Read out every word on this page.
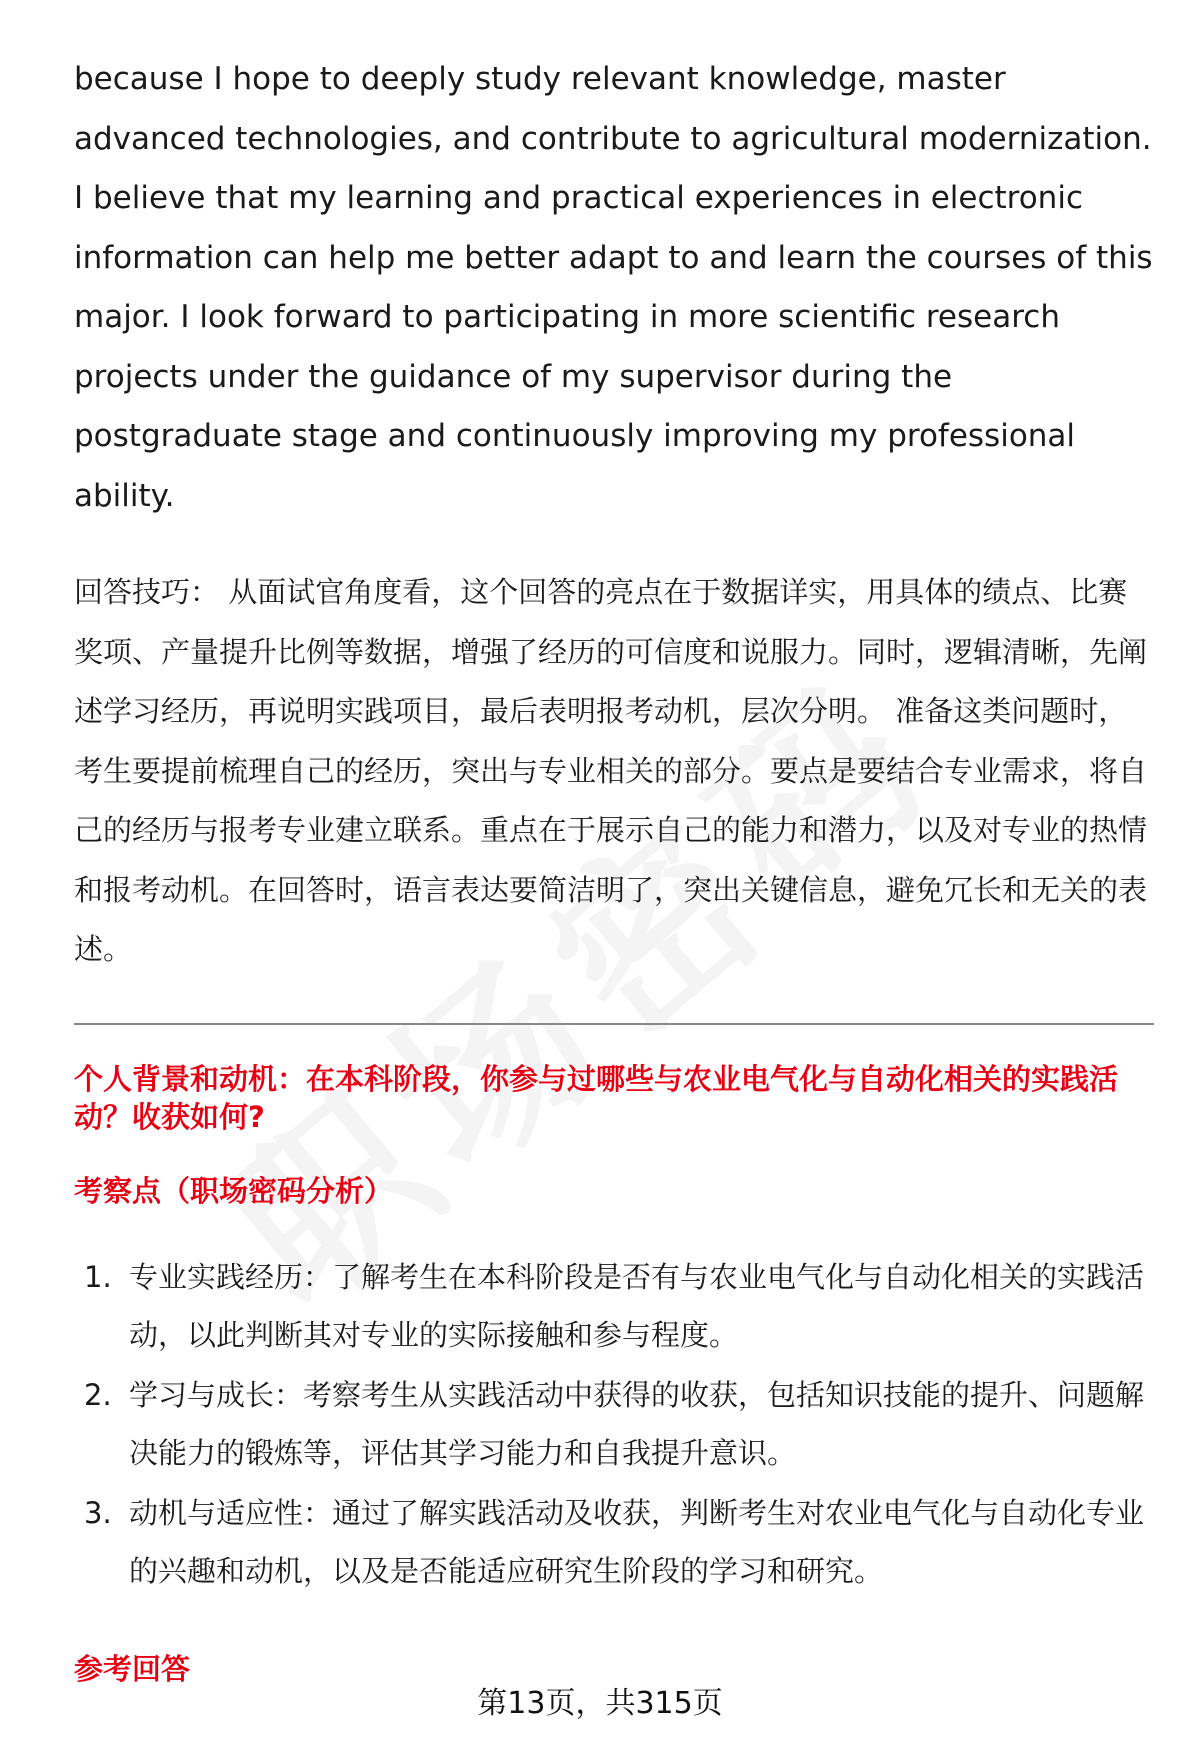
because I hope to deeply study relevant knowledge, master advanced technologies, and contribute to agricultural modernization. I believe that my learning and practical experiences in electronic information can help me better adapt to and learn the courses of this major. I look forward to participating in more scientific research projects under the guidance of my supervisor during the postgraduate stage and continuously improving my professional ability.

回答技巧： 从面试官角度看，这个回答的亮点在于数据详实，用具体的绩点、比赛奖项、产量提升比例等数据，增强了经历的可信度和说服力。同时，逻辑清晰，先阐述学习经历，再说明实践项目，最后表明报考动机，层次分明。 准备这类问题时，考生要提前梳理自己的经历，突出与专业相关的部分。要点是要结合专业需求，将自己的经历与报考专业建立联系。重点在于展示自己的能力和潜力，以及对专业的热情和报考动机。在回答时，语言表达要简洁明了，突出关键信息，避免冗长和无关的表述。

个人背景和动机：在本科阶段，你参与过哪些与农业电气化与自动化相关的实践活动？收获如何?
考察点（职场密码分析）
1. 专业实践经历：了解考生在本科阶段是否有与农业电气化与自动化相关的实践活动，以此判断其对专业的实际接触和参与程度。
2. 学习与成长：考察考生从实践活动中获得的收获，包括知识技能的提升、问题解决能力的锻炼等，评估其学习能力和自我提升意识。
3. 动机与适应性：通过了解实践活动及收获，判断考生对农业电气化与自动化专业的兴趣和动机，以及是否能适应研究生阶段的学习和研究。
参考回答
第13页，共315页
